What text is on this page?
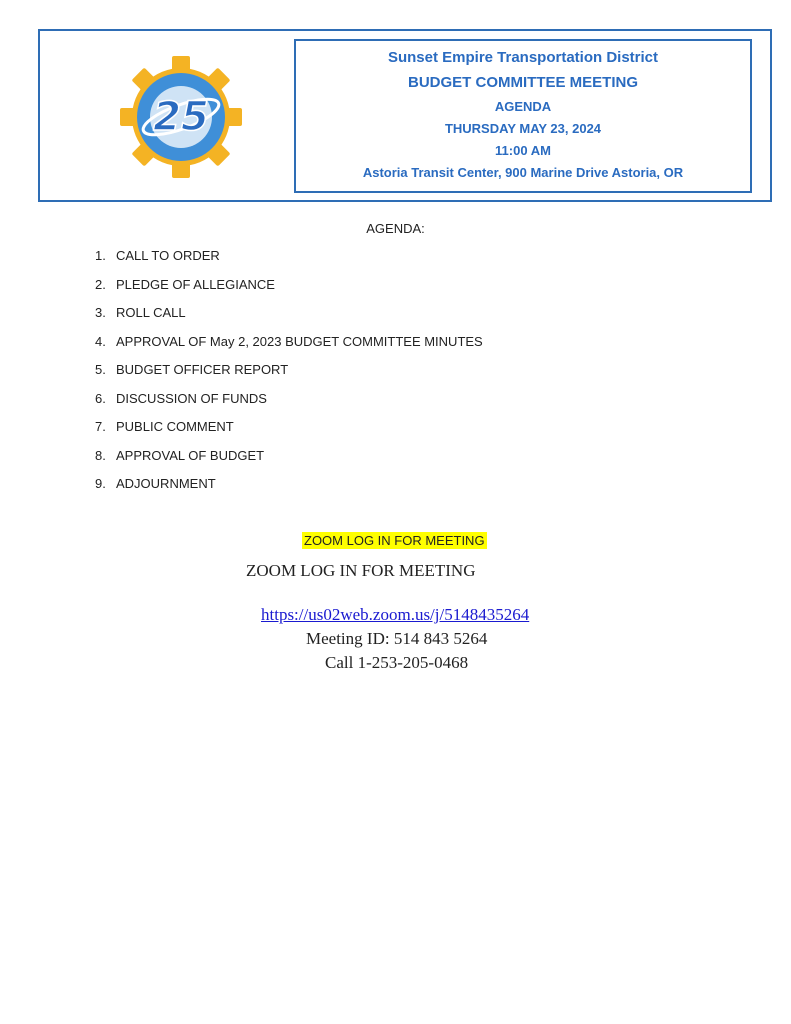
25
Sunset Empire Transportation District
BUDGET COMMITTEE MEETING
AGENDA
THURSDAY MAY 23, 2024
11:00 AM
Astoria Transit Center, 900 Marine Drive Astoria, OR
AGENDA:
1. CALL TO ORDER
2. PLEDGE OF ALLEGIANCE
3. ROLL CALL
4. APPROVAL OF May 2, 2023 BUDGET COMMITTEE MINUTES
5. BUDGET OFFICER REPORT
6. DISCUSSION OF FUNDS
7. PUBLIC COMMENT
8. APPROVAL OF BUDGET
9. ADJOURNMENT
ZOOM LOG IN FOR MEETING
ZOOM LOG IN FOR MEETING
https://us02web.zoom.us/j/5148435264
Meeting ID: 514 843 5264
Call 1-253-205-0468
